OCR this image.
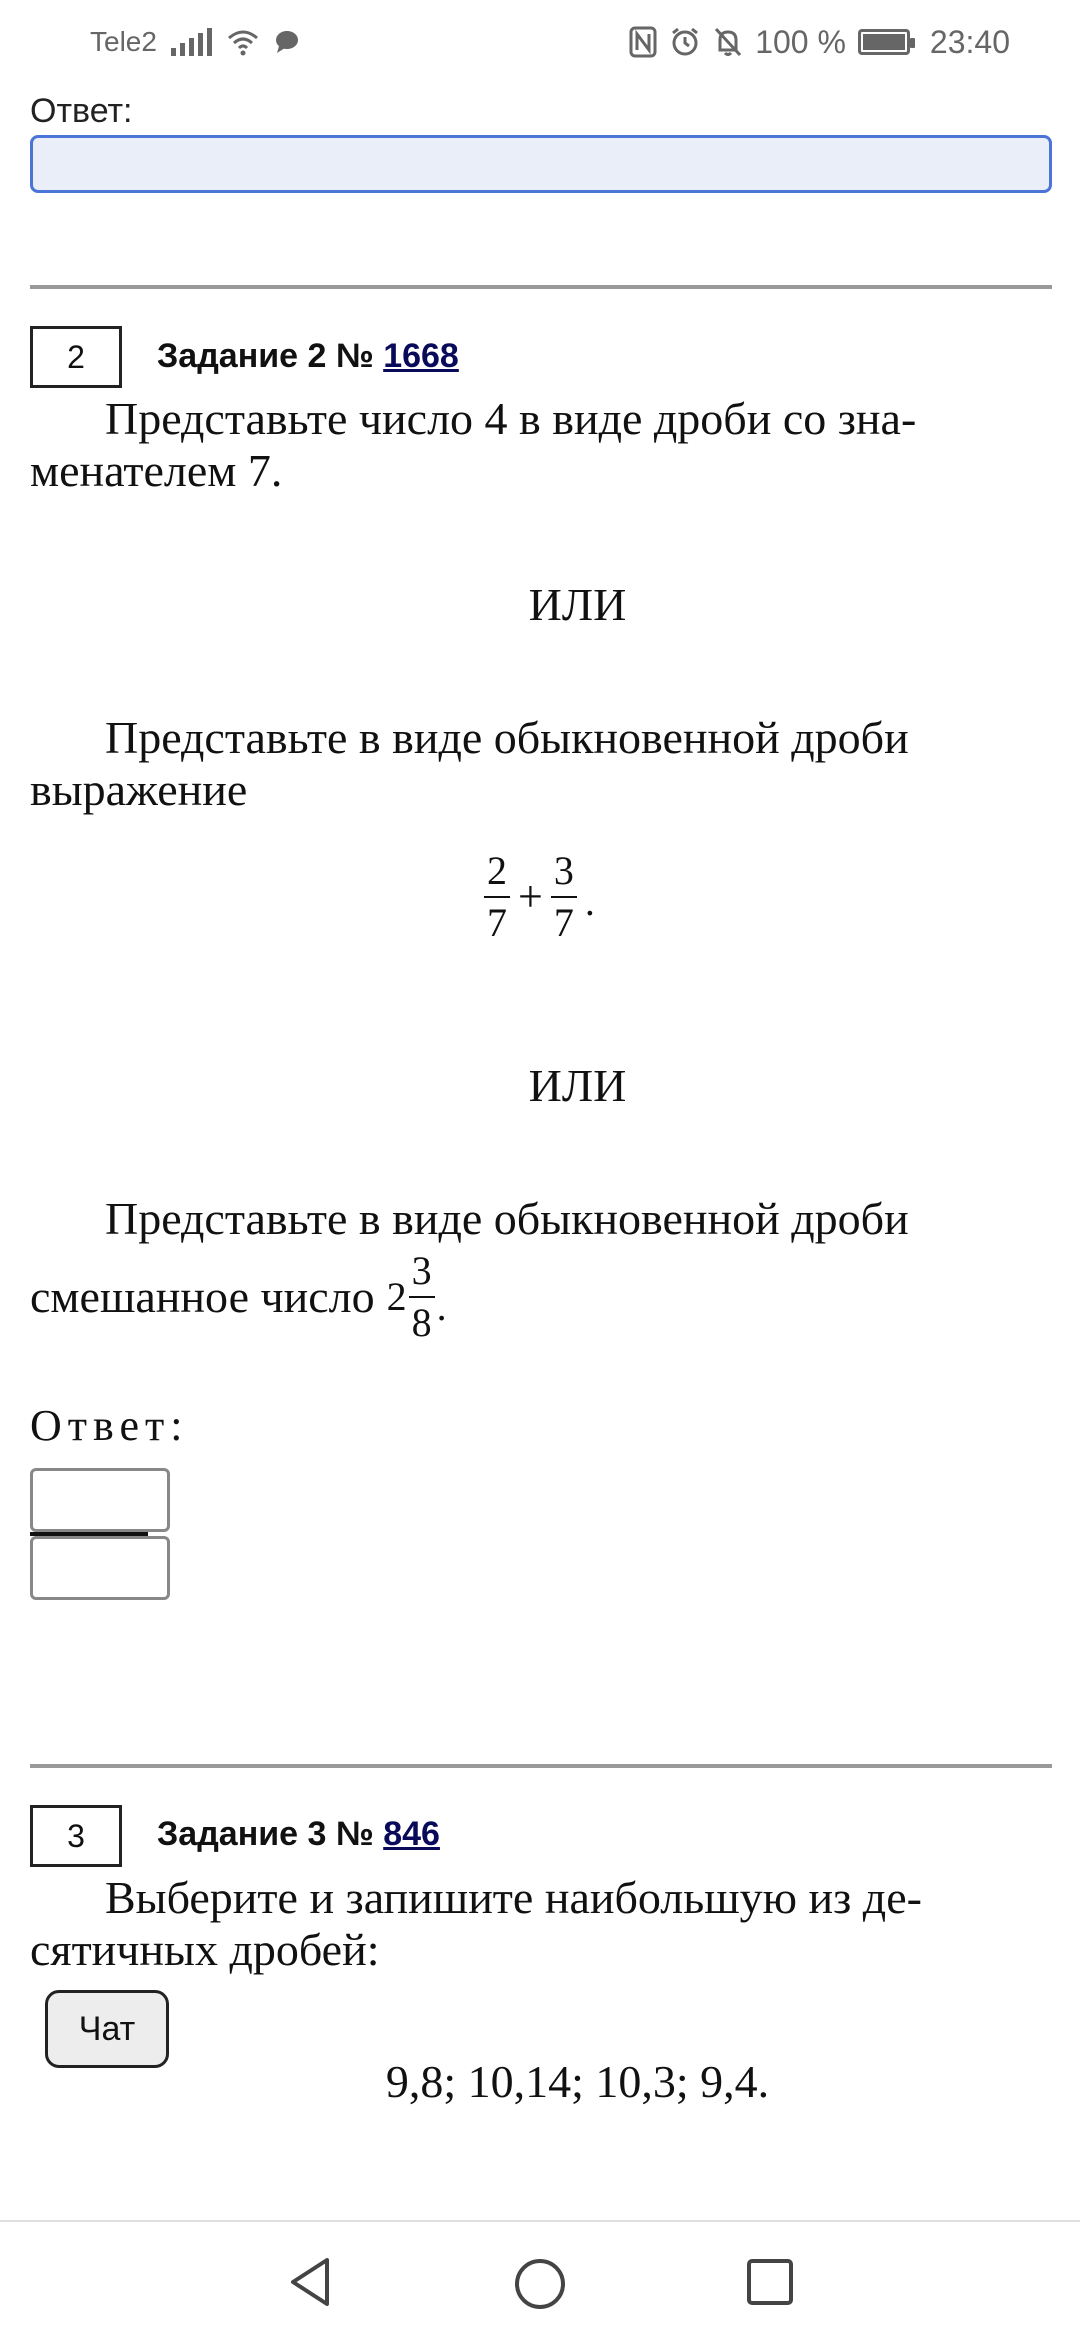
Tele2	100 %	23:40
Ответ:
2	Задание 2 № 1668
Представьте число 4 в виде дроби со зна-
менателем 7.
ИЛИ
Представьте в виде обыкновенной дроби
выражение
$\frac{2}{7} + \frac{3}{7}$ .
ИЛИ
Представьте в виде обыкновенной дроби
смешанное число $2 \frac{3}{8}$ .
Ответ:
3	Задание 3 № 846
Выберите и запишите наибольшую из де-
сятичных дробей:
Чат
9,8; 10,14; 10,3; 9,4.
